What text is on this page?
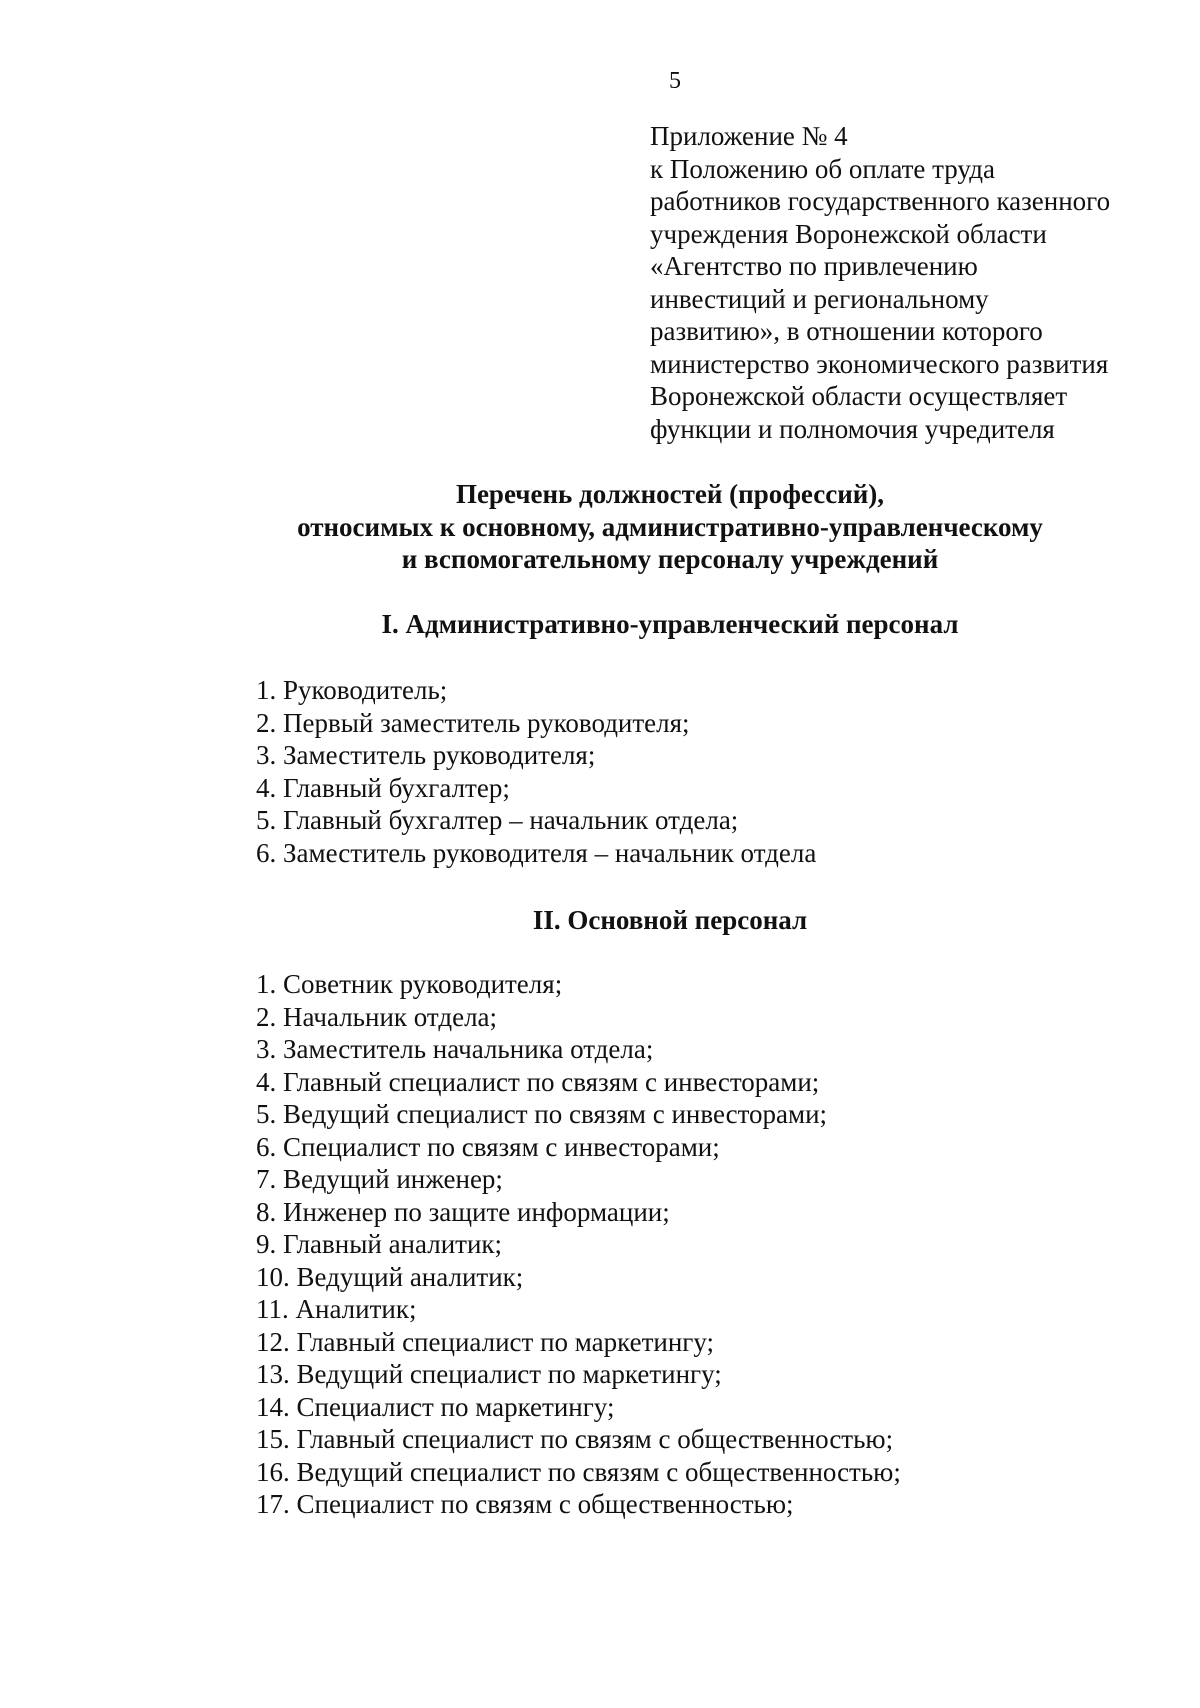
5
Приложение № 4
к Положению об оплате труда
работников государственного казенного
учреждения Воронежской области
«Агентство по привлечению
инвестиций и региональному
развитию», в отношении которого
министерство экономического развития
Воронежской области осуществляет
функции и полномочия учредителя
Перечень должностей (профессий),
относимых к основному, административно-управленческому
и вспомогательному персоналу учреждений
I. Административно-управленческий персонал
1. Руководитель;
2. Первый заместитель руководителя;
3. Заместитель руководителя;
4. Главный бухгалтер;
5. Главный бухгалтер – начальник отдела;
6. Заместитель руководителя – начальник отдела
II. Основной персонал
1. Советник руководителя;
2. Начальник отдела;
3. Заместитель начальника отдела;
4. Главный специалист по связям с инвесторами;
5. Ведущий специалист по связям с инвесторами;
6. Специалист по связям с инвесторами;
7. Ведущий инженер;
8. Инженер по защите информации;
9. Главный аналитик;
10. Ведущий аналитик;
11. Аналитик;
12. Главный специалист по маркетингу;
13. Ведущий специалист по маркетингу;
14. Специалист по маркетингу;
15. Главный специалист по связям с общественностью;
16. Ведущий специалист по связям с общественностью;
17. Специалист по связям с общественностью;
